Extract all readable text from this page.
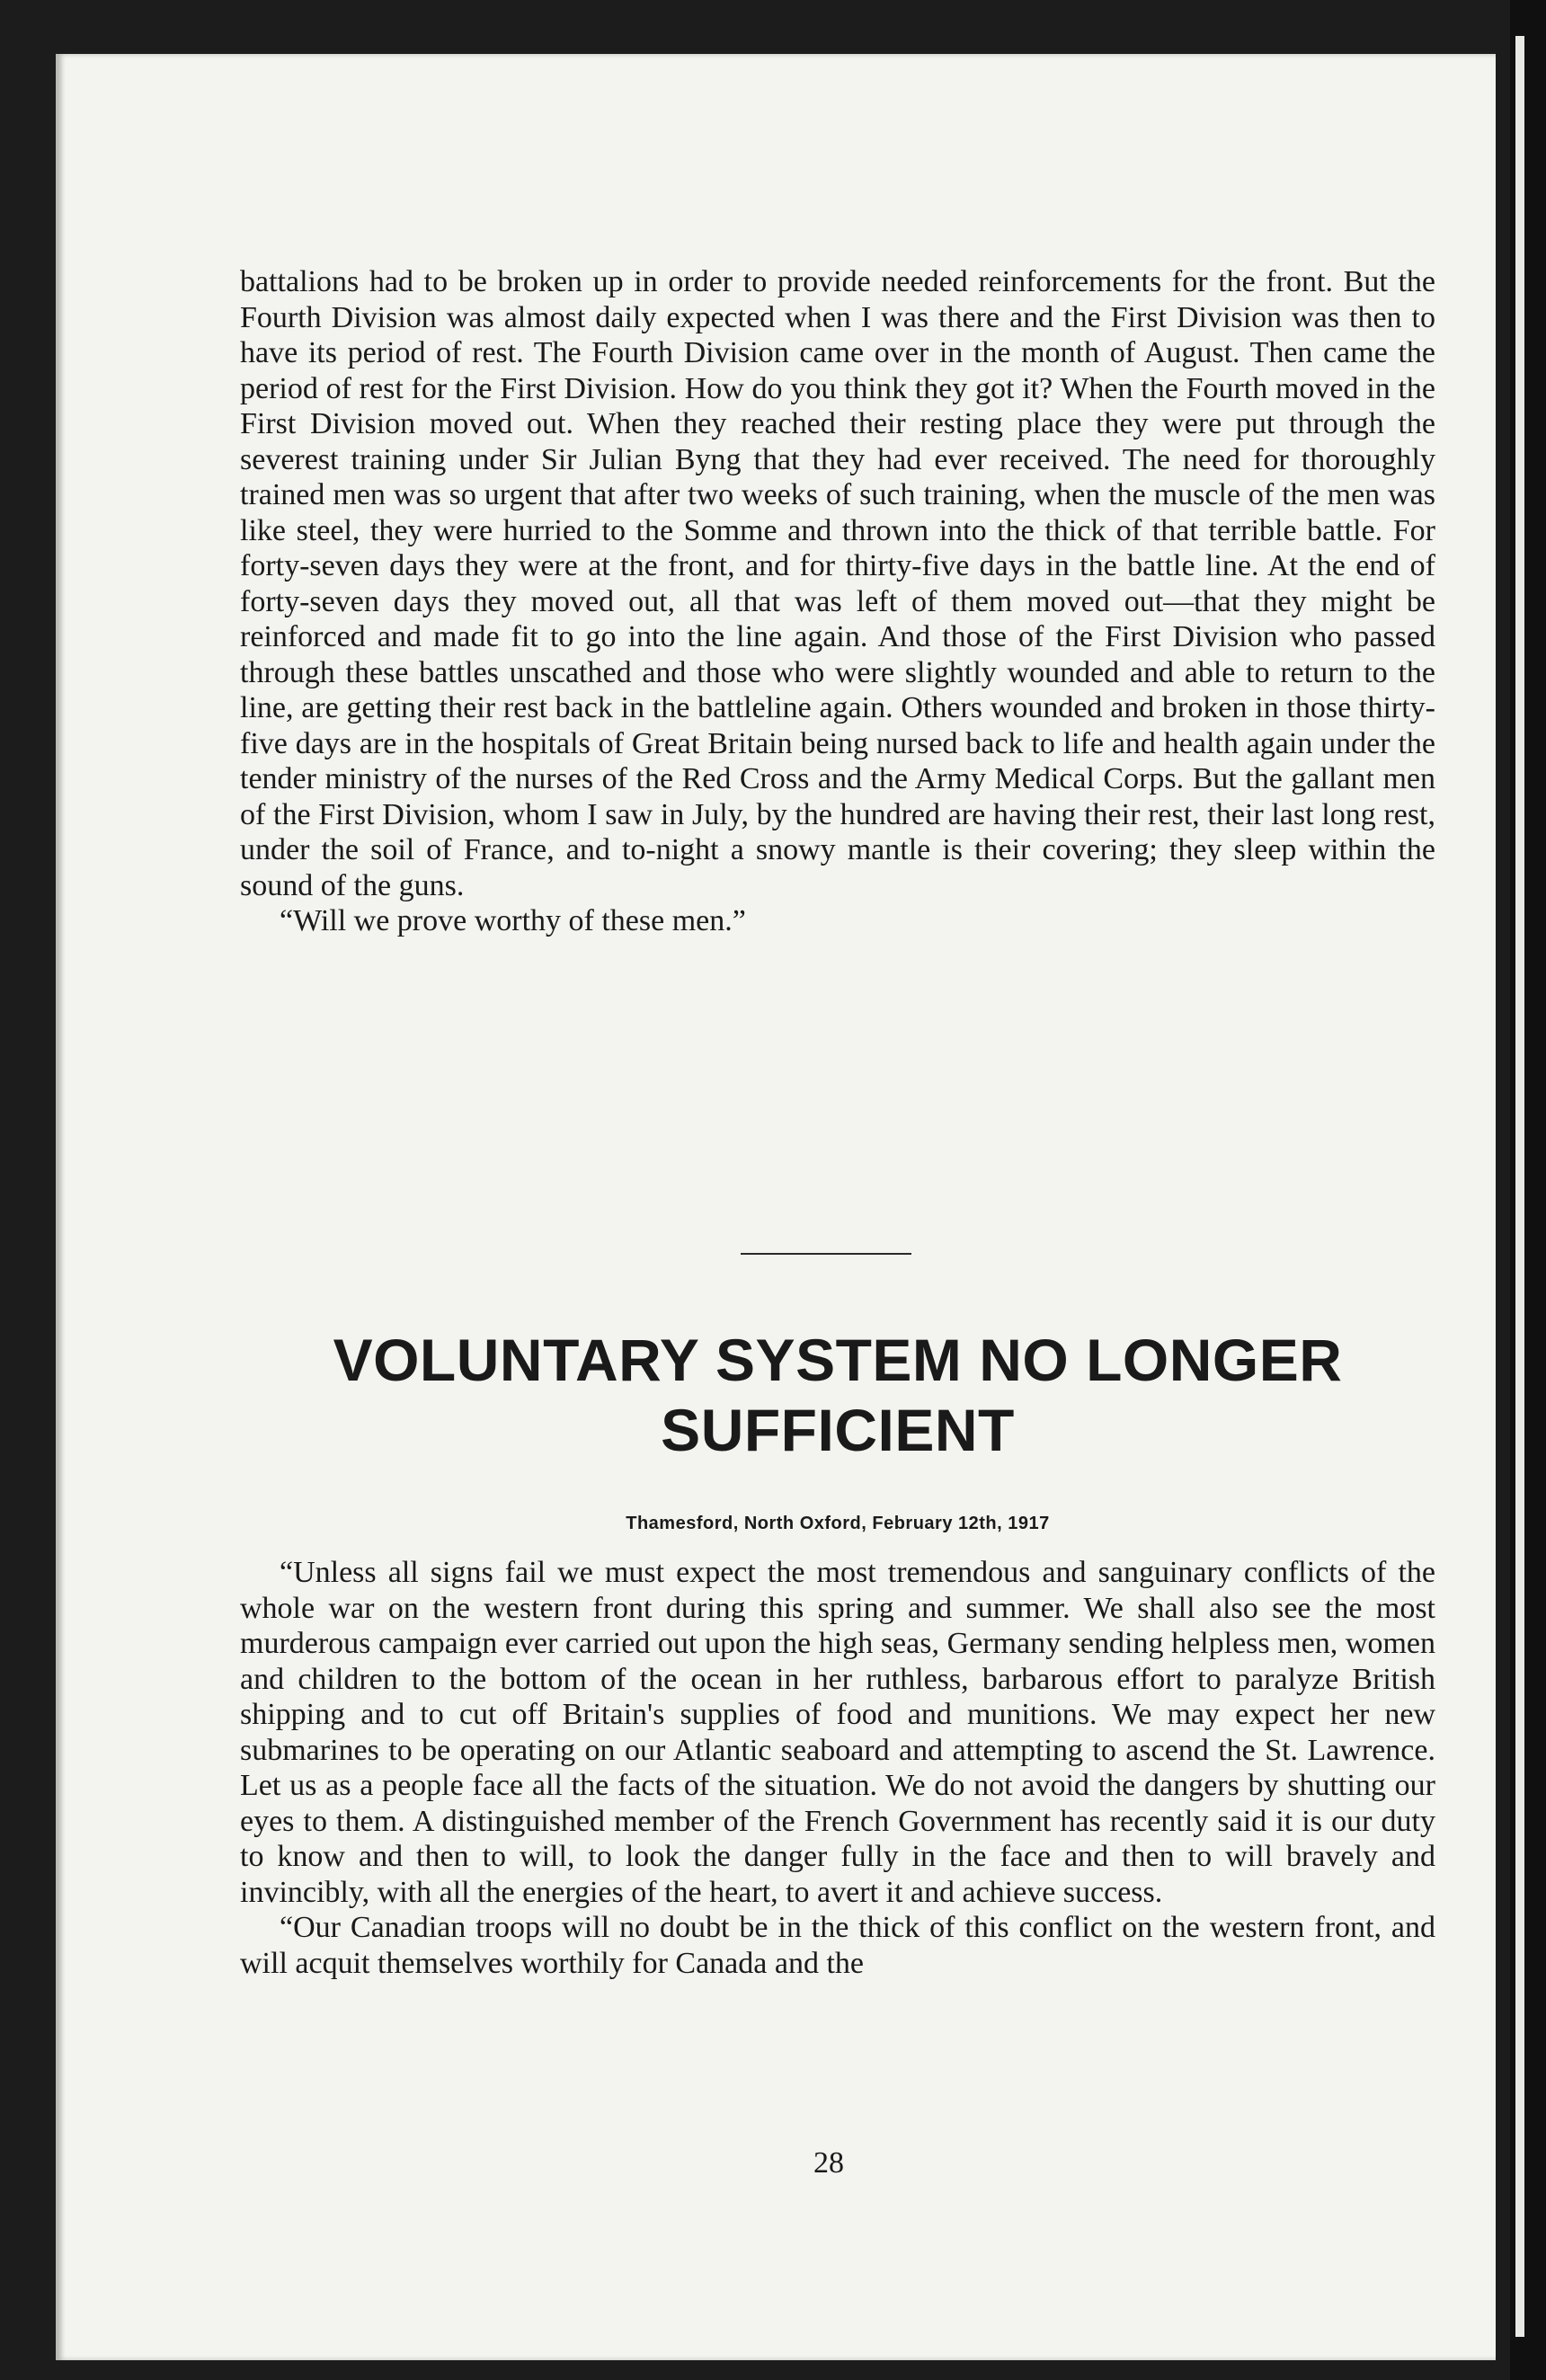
battalions had to be broken up in order to provide needed reinforcements for the front. But the Fourth Division was almost daily expected when I was there and the First Division was then to have its period of rest. The Fourth Division came over in the month of August. Then came the period of rest for the First Division. How do you think they got it? When the Fourth moved in the First Division moved out. When they reached their resting place they were put through the severest training under Sir Julian Byng that they had ever received. The need for thoroughly trained men was so urgent that after two weeks of such training, when the muscle of the men was like steel, they were hurried to the Somme and thrown into the thick of that terrible battle. For forty-seven days they were at the front, and for thirty-five days in the battle line. At the end of forty-seven days they moved out, all that was left of them moved out—that they might be reinforced and made fit to go into the line again. And those of the First Division who passed through these battles unscathed and those who were slightly wounded and able to return to the line, are getting their rest back in the battleline again. Others wounded and broken in those thirty-five days are in the hospitals of Great Britain being nursed back to life and health again under the tender ministry of the nurses of the Red Cross and the Army Medical Corps. But the gallant men of the First Division, whom I saw in July, by the hundred are having their rest, their last long rest, under the soil of France, and to-night a snowy mantle is their covering; they sleep within the sound of the guns.

“Will we prove worthy of these men.”

VOLUNTARY SYSTEM NO LONGER
SUFFICIENT
Thamesford, North Oxford, February 12th, 1917

“Unless all signs fail we must expect the most tremendous and sanguinary conflicts of the whole war on the western front during this spring and summer. We shall also see the most murderous campaign ever carried out upon the high seas, Germany sending helpless men, women and children to the bottom of the ocean in her ruthless, barbarous effort to paralyze British shipping and to cut off Britain's supplies of food and munitions. We may expect her new submarines to be operating on our Atlantic seaboard and attempting to ascend the St. Lawrence. Let us as a people face all the facts of the situation. We do not avoid the dangers by shutting our eyes to them. A distinguished member of the French Government has recently said it is our duty to know and then to will, to look the danger fully in the face and then to will bravely and invincibly, with all the energies of the heart, to avert it and achieve success.

“Our Canadian troops will no doubt be in the thick of this conflict on the western front, and will acquit themselves worthily for Canada and the

28
